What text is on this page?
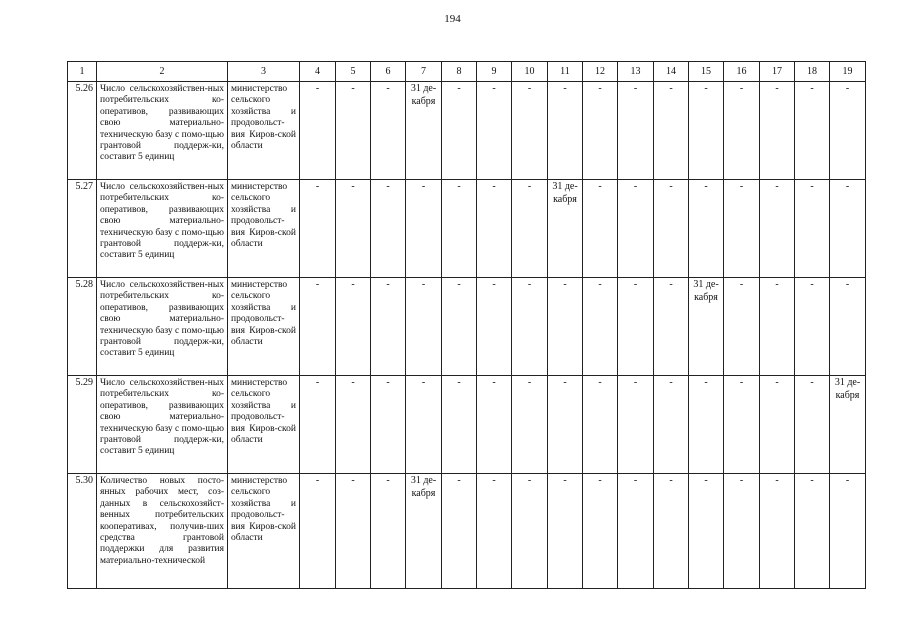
194
1	2	3	4	5	6	7	8	9	10	11	12	13	14	15	16	17	18	19
5.26	Число сельскохозяйствен-ных потребительских ко-оперативов, развивающих свою материально-техническую базу с помо-щью грантовой поддерж-ки, составит 5 единиц	министерство сельского хозяйства и продовольст-вия Киров-ской области	-	-	-	31 де-кабря	-	-	-	-	-	-	-	-	-	-	-	-
5.27	Число сельскохозяйствен-ных потребительских ко-оперативов, развивающих свою материально-техническую базу с помо-щью грантовой поддерж-ки, составит 5 единиц	министерство сельского хозяйства и продовольст-вия Киров-ской области	-	-	-	-	-	-	-	31 де-кабря	-	-	-	-	-	-	-	-
5.28	Число сельскохозяйствен-ных потребительских ко-оперативов, развивающих свою материально-техническую базу с помо-щью грантовой поддерж-ки, составит 5 единиц	министерство сельского хозяйства и продовольст-вия Киров-ской области	-	-	-	-	-	-	-	-	-	-	-	31 де-кабря	-	-	-	-
5.29	Число сельскохозяйствен-ных потребительских ко-оперативов, развивающих свою материально-техническую базу с помо-щью грантовой поддерж-ки, составит 5 единиц	министерство сельского хозяйства и продовольст-вия Киров-ской области	-	-	-	-	-	-	-	-	-	-	-	-	-	-	-	31 де-кабря
5.30	Количество новых посто-янных рабочих мест, соз-данных в сельскохозяйст-венных потребительских кооперативах, получив-ших средства грантовой поддержки для развития материально-технической	министерство сельского хозяйства и продовольст-вия Киров-ской области	-	-	-	31 де-кабря	-	-	-	-	-	-	-	-	-	-	-	-
